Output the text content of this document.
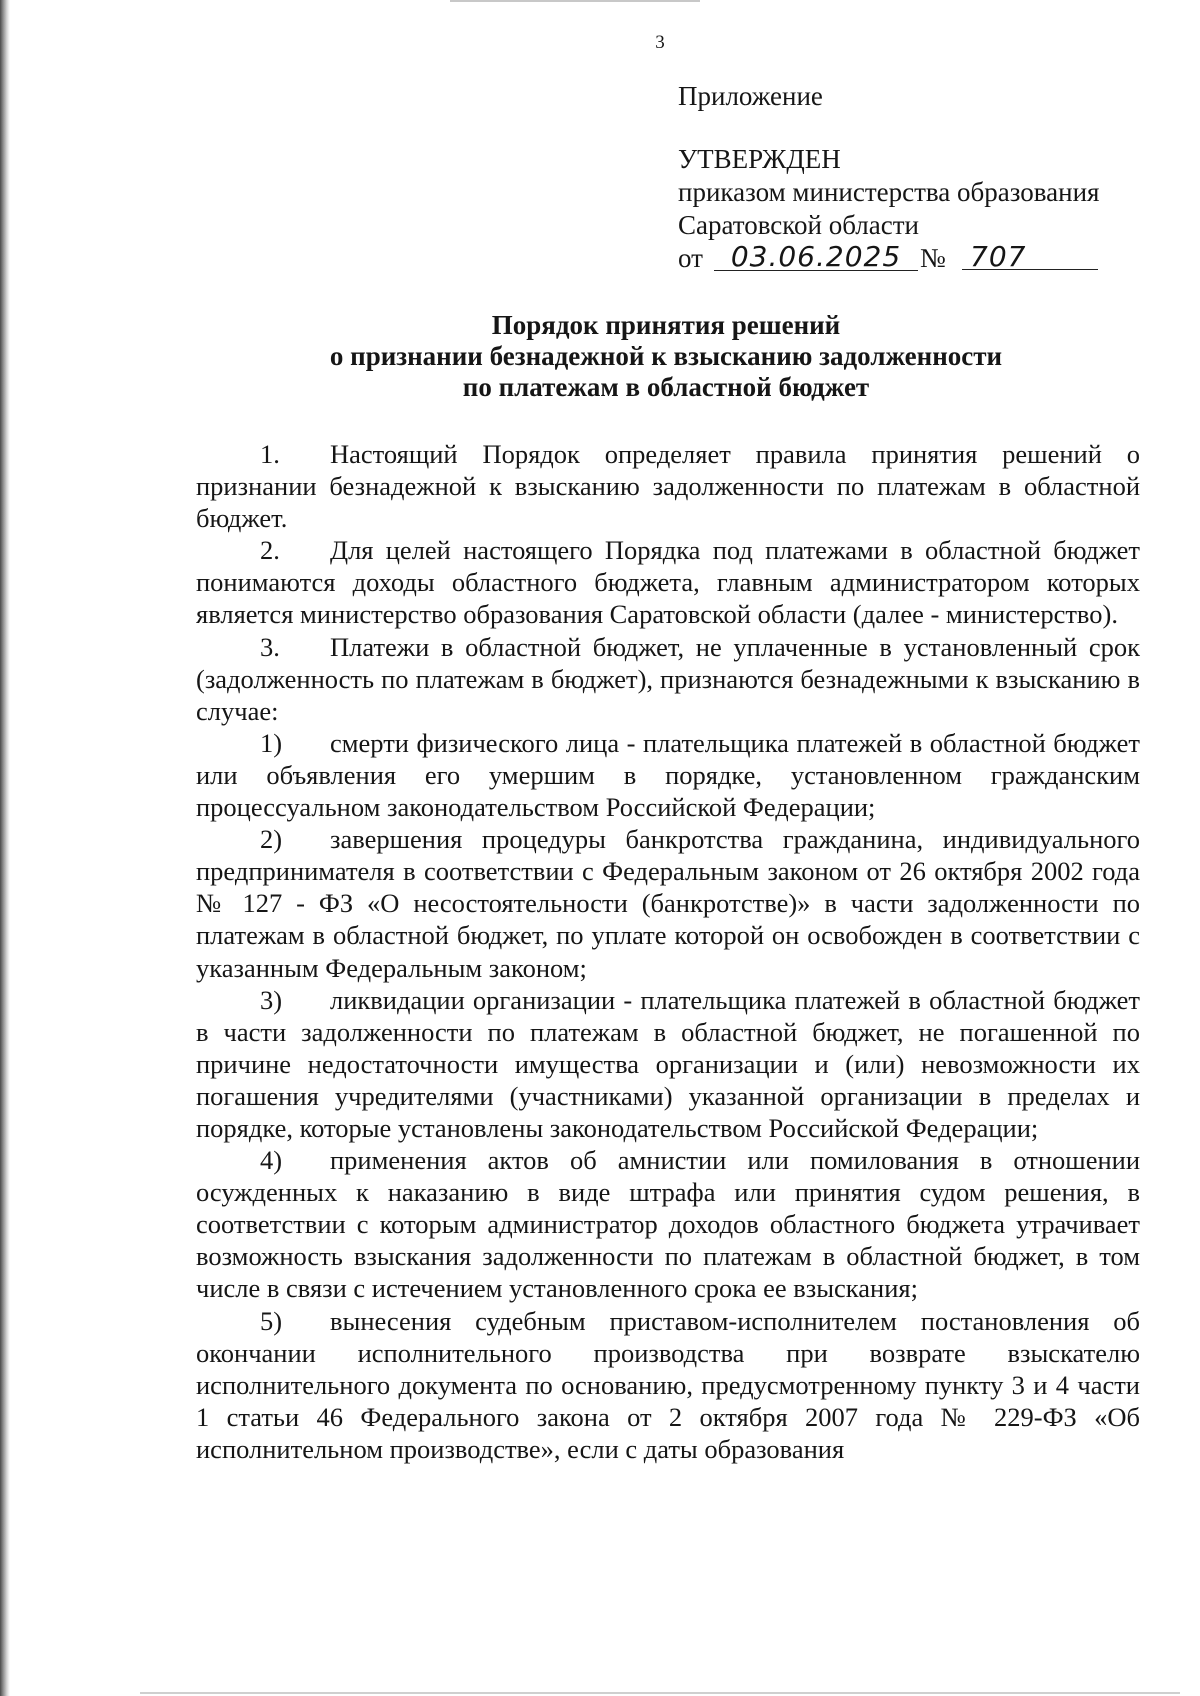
3
Приложение
УТВЕРЖДЕН
приказом министерства образования
Саратовской области
от 03.06.2025 № 707
Порядок принятия решений
о признании безнадежной к взысканию задолженности
по платежам в областной бюджет

1. Настоящий Порядок определяет правила принятия решений о признании безнадежной к взысканию задолженности по платежам в областной бюджет.

2. Для целей настоящего Порядка под платежами в областной бюджет понимаются доходы областного бюджета, главным администратором которых является министерство образования Саратовской области (далее - министерство).

3. Платежи в областной бюджет, не уплаченные в установленный срок (задолженность по платежам в бюджет), признаются безнадежными к взысканию в случае:

1) смерти физического лица - плательщика платежей в областной бюджет или объявления его умершим в порядке, установленном гражданским процессуальном законодательством Российской Федерации;

2) завершения процедуры банкротства гражданина, индивидуального предпринимателя в соответствии с Федеральным законом от 26 октября 2002 года № 127 - ФЗ «О несостоятельности (банкротстве)» в части задолженности по платежам в областной бюджет, по уплате которой он освобожден в соответствии с указанным Федеральным законом;

3) ликвидации организации - плательщика платежей в областной бюджет в части задолженности по платежам в областной бюджет, не погашенной по причине недостаточности имущества организации и (или) невозможности их погашения учредителями (участниками) указанной организации в пределах и порядке, которые установлены законодательством Российской Федерации;

4) применения актов об амнистии или помилования в отношении осужденных к наказанию в виде штрафа или принятия судом решения, в соответствии с которым администратор доходов областного бюджета утрачивает возможность взыскания задолженности по платежам в областной бюджет, в том числе в связи с истечением установленного срока ее взыскания;

5) вынесения судебным приставом-исполнителем постановления об окончании исполнительного производства при возврате взыскателю исполнительного документа по основанию, предусмотренному пункту 3 и 4 части 1 статьи 46 Федерального закона от 2 октября 2007 года № 229-ФЗ «Об исполнительном производстве», если с даты образования
